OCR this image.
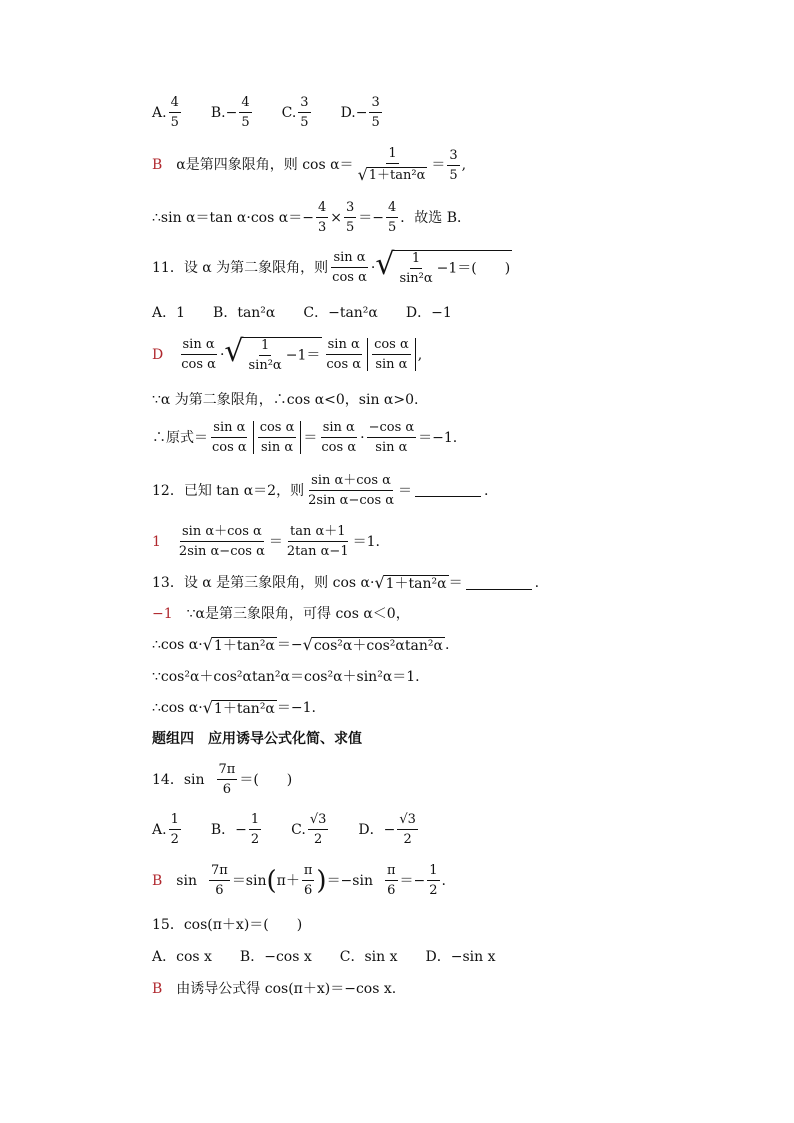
A. $\frac{4}{5} B$. − $\frac{4}{5} C$. $\frac{3}{5} D$. − $\frac{3}{5}$
B α是第四象限角，则 $\cos \alpha= \frac{1}{\text{√ 1＋tan²α}} = \frac{3}{5}$ ,
∴sin α＝tan α·cos $\alpha=- \frac{4}{3} \times \frac{3}{5} =- \frac{4}{5}$ ．故选 B．
11．设 α 为第二象限角，则 $\frac{\text{sin α}}{\text{cos α}}$ · √ $\frac{1}{\text{sin²α}} -1=$(　　)
A．1 B．tan²α C．−tan²α D．−1
D $\frac{\text{sin α}}{\text{cos α}}$ · √ $\frac{1}{\text{sin²α}} -1= \frac{\text{sin α}}{\text{cos α}} \frac{\text{cos α}}{\text{sin α}}$ ,
∵α 为第二象限角，∴cos α<0，sin α>0.
∴原式＝ $\frac{\text{sin α}}{\text{cos α}} \frac{\text{cos α}}{\text{sin α}} = \frac{\text{sin α}}{\text{cos α}} \cdot \frac{\text{−cos α}}{\text{sin α}} =-1$.
12．已知 tan α＝2，则 $\frac{\text{sin α＋cos α}}{\text{2sin α−cos α}}$ ＝	.
$1 \frac{\text{sin α＋cos α}}{\text{2sin α−cos α}} = \frac{\text{tan α＋1}}{\text{2tan α−1}} =1$.
13．设 α 是第三象限角，则 cos α· √ 1＋tan²α ＝	.
−1 ∵α是第三象限角，可得 cos α＜0，
∴cos α· √ 1＋tan²α ＝− √ cos²α＋cos²αtan²α .
∵cos²α＋cos²αtan²α＝cos²α＋sin²α＝1.
∴cos α· √ 1＋tan²α ＝−1.
题组四　应用诱导公式化简、求值
14．$\sin \frac{7\pi}{6}$ ＝(　　)
A. $\frac{1}{2}$ B． − $\frac{1}{2} C$. $\frac{√3}{2}$ D． − $\frac{√3}{2}$
B $\sin \frac{7\pi}{6} =\sin$ ( $\pi+ \frac{\pi}{6}$ ) $=-\sin \frac{\pi}{6} =- \frac{1}{2}$ .
15．cos(π＋x)＝(　　)
A．cos x B．−cos x C．sin x D．−sin x
B 由诱导公式得 cos(π＋x)＝−cos x.
